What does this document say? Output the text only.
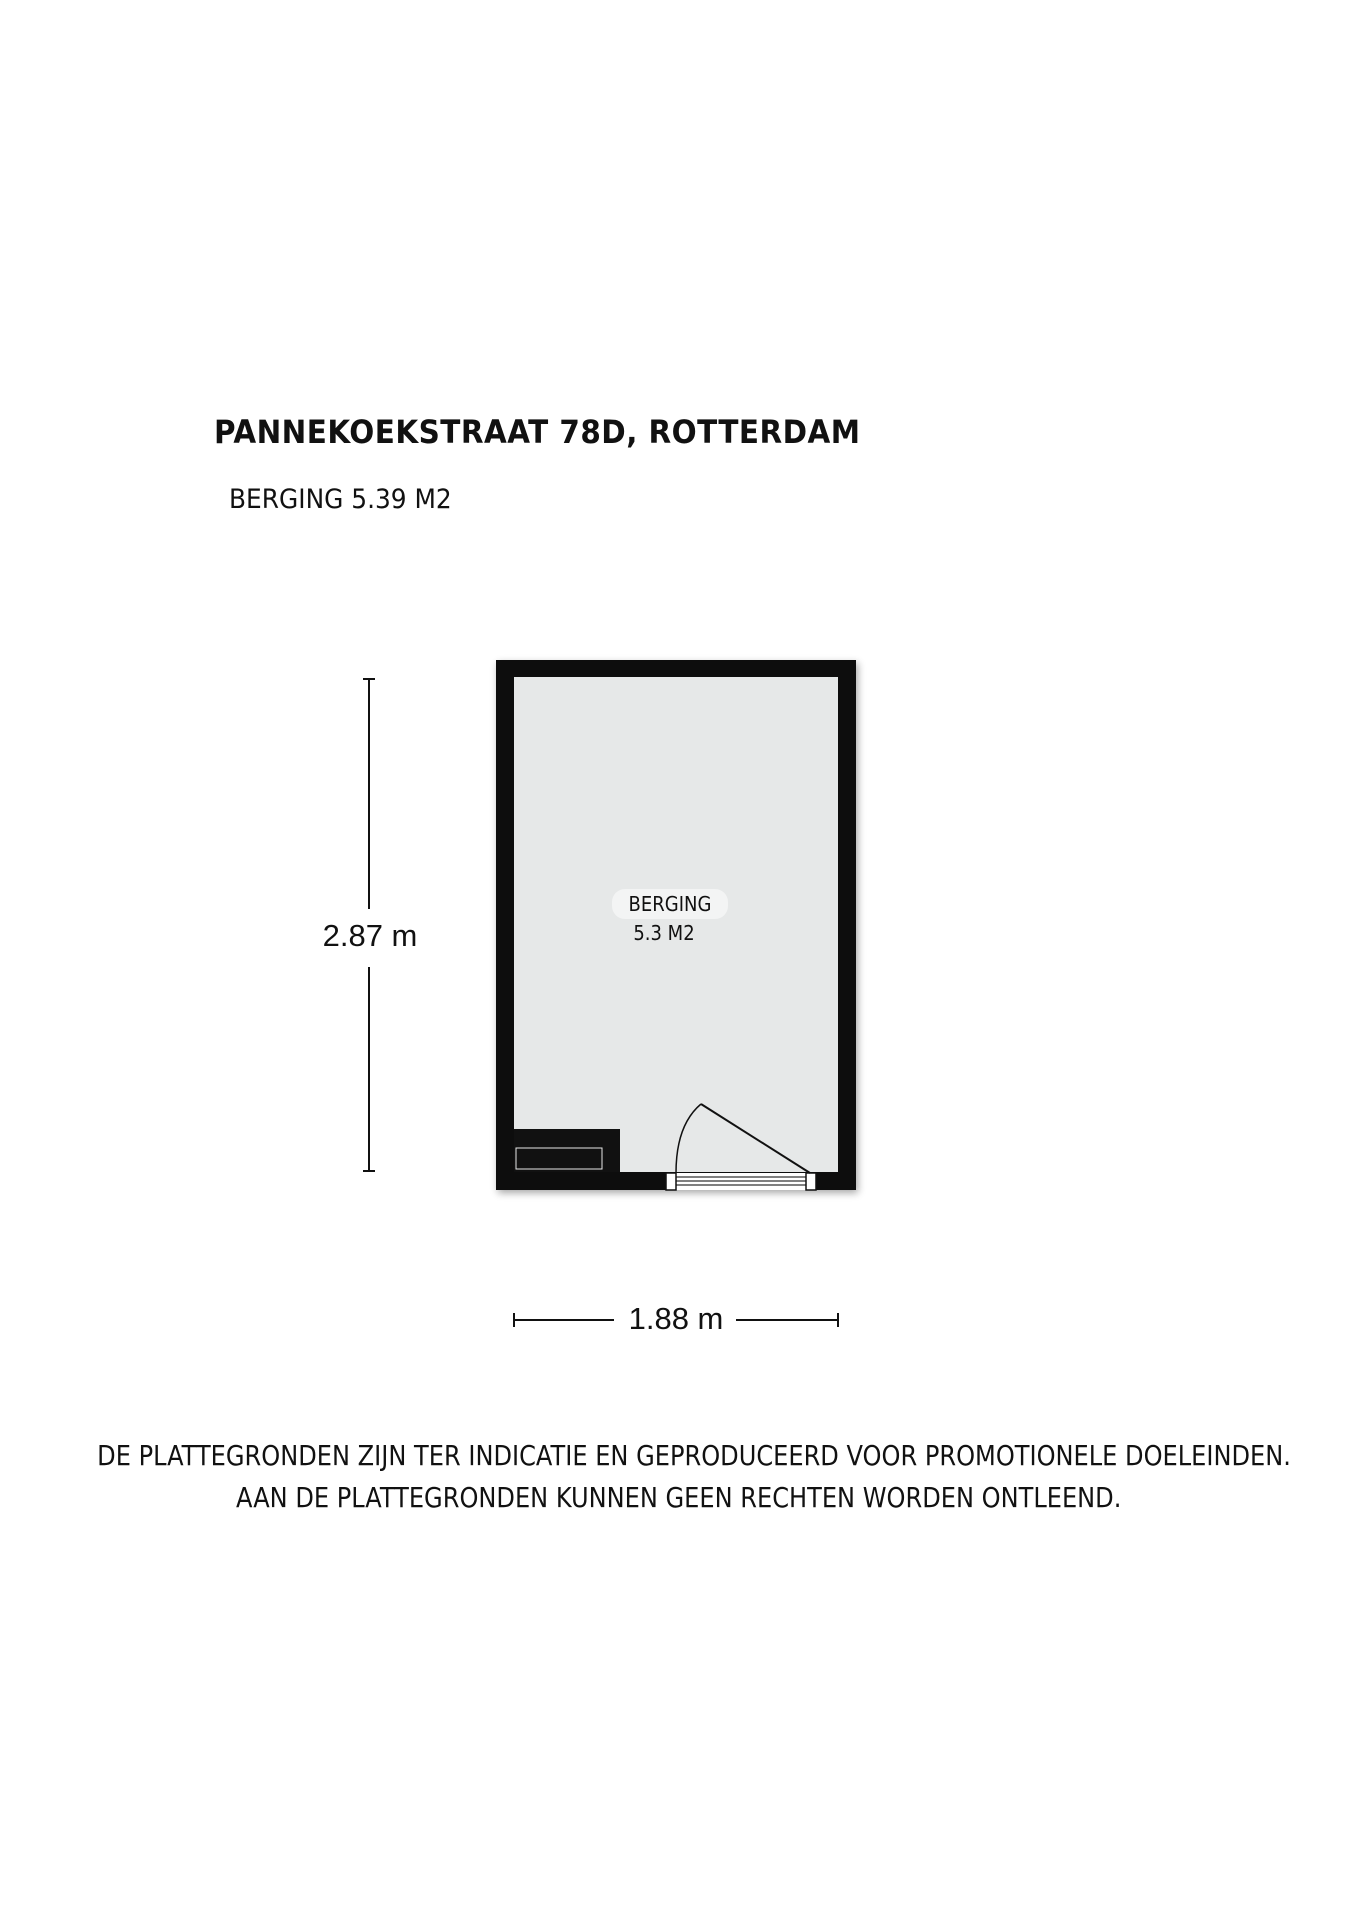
PANNEKOEKSTRAAT 78D, ROTTERDAM
BERGING 5.39 M2
2.87 m
1.88 m
BERGING
5.3 M2
DE PLATTEGRONDEN ZIJN TER INDICATIE EN GEPRODUCEERD VOOR PROMOTIONELE DOELEINDEN.
AAN DE PLATTEGRONDEN KUNNEN GEEN RECHTEN WORDEN ONTLEEND.
